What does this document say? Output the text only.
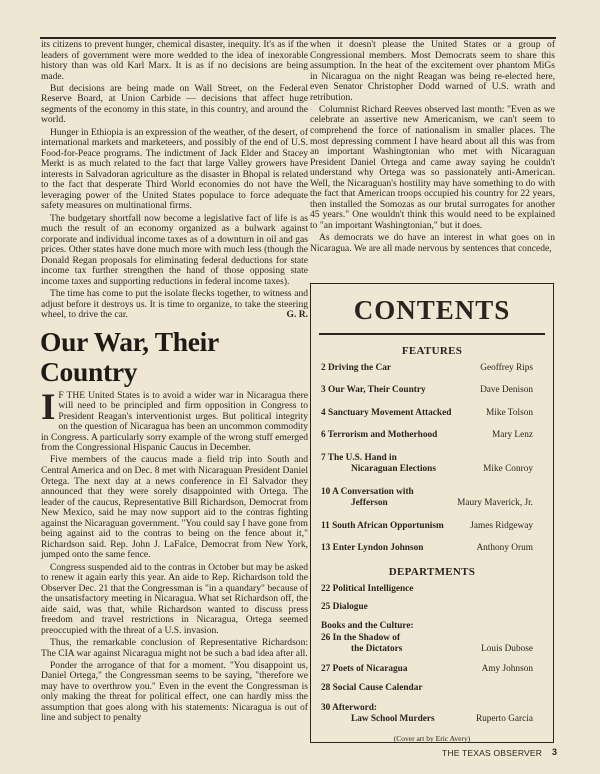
its citizens to prevent hunger, chemical disaster, inequity. It's as if the leaders of government were more wedded to the idea of inexorable history than was old Karl Marx. It is as if no decisions are being made.

But decisions are being made on Wall Street, on the Federal Reserve Board, at Union Carbide — decisions that affect huge segments of the economy in this state, in this country, and around the world.

Hunger in Ethiopia is an expression of the weather, of the desert, of international markets and marketeers, and possibly of the end of U.S. Food-for-Peace programs. The indictment of Jack Elder and Stacey Merkt is as much related to the fact that large Valley growers have interests in Salvadoran agriculture as the disaster in Bhopal is related to the fact that desperate Third World economies do not have the leveraging power of the United States populace to force adequate safety measures on multinational firms.

The budgetary shortfall now become a legislative fact of life is as much the result of an economy organized as a bulwark against corporate and individual income taxes as of a downturn in oil and gas prices. Other states have done much more with much less (though the Donald Regan proposals for eliminating federal deductions for state income tax further strengthen the hand of those opposing state income taxes and supporting reductions in federal income taxes).

The time has come to put the isolate flecks together, to witness and adjust before it destroys us. It is time to organize, to take the steering wheel, to drive the car.	G. R.

Our War, Their Country

I F THE United States is to avoid a wider war in Nicaragua there will need to be principled and firm opposition in Congress to President Reagan's interventionist urges. But political integrity on the question of Nicaragua has been an uncommon commodity in Congress. A particularly sorry example of the wrong stuff emerged from the Congressional Hispanic Caucus in December.

Five members of the caucus made a field trip into South and Central America and on Dec. 8 met with Nicaraguan President Daniel Ortega. The next day at a news conference in El Salvador they announced that they were sorely disappointed with Ortega. The leader of the caucus, Representative Bill Richardson, Democrat from New Mexico, said he may now support aid to the contras fighting against the Nicaraguan government. "You could say I have gone from being against aid to the contras to being on the fence about it," Richardson said. Rep. John J. LaFalce, Democrat from New York, jumped onto the same fence.

Congress suspended aid to the contras in October but may be asked to renew it again early this year. An aide to Rep. Richardson told the Observer Dec. 21 that the Congressman is "in a quandary" because of the unsatisfactory meeting in Nicaragua. What set Richardson off, the aide said, was that, while Richardson wanted to discuss press freedom and travel restrictions in Nicaragua, Ortega seemed preoccupied with the threat of a U.S. invasion.

Thus, the remarkable conclusion of Representative Richardson: The CIA war against Nicaragua might not be such a bad idea after all.

Ponder the arrogance of that for a moment. "You disappoint us, Daniel Ortega," the Congressman seems to be saying, "therefore we may have to overthrow you." Even in the event the Congressman is only making the threat for political effect, one can hardly miss the assumption that goes along with his statements: Nicaragua is out of line and subject to penalty

when it doesn't please the United States or a group of Congressional members. Most Democrats seem to share this assumption. In the heat of the excitement over phantom MiGs in Nicaragua on the night Reagan was being re-elected here, even Senator Christopher Dodd warned of U.S. wrath and retribution.

Columnist Richard Reeves observed last month: "Even as we celebrate an assertive new Americanism, we can't seem to comprehend the force of nationalism in smaller places. The most depressing comment I have heard about all this was from an important Washingtonian who met with Nicaraguan President Daniel Ortega and came away saying he couldn't understand why Ortega was so passionately anti-American. Well, the Nicaraguan's hostility may have something to do with the fact that American troops occupied his country for 22 years, then installed the Somozas as our brutal surrogates for another 45 years." One wouldn't think this would need to be explained to "an important Washingtonian," but it does.

As democrats we do have an interest in what goes on in Nicaragua. We are all made nervous by sentences that concede,

CONTENTS
FEATURES
2 Driving the Car	Geoffrey Rips
3 Our War, Their Country	Dave Denison
4 Sanctuary Movement Attacked	Mike Tolson
6 Terrorism and Motherhood	Mary Lenz
7 The U.S. Hand in
Nicaraguan Elections	Mike Conroy
10 A Conversation with
Jefferson	Maury Maverick, Jr.
11 South African Opportunism	James Ridgeway
13 Enter Lyndon Johnson	Anthony Orum
DEPARTMENTS
22 Political Intelligence
25 Dialogue
Books and the Culture:
26 In the Shadow of
the Dictators	Louis Dubose
27 Poets of Nicaragua	Amy Johnson
28 Social Cause Calendar
30 Afterword:
Law School Murders	Ruperto Garcia
(Cover art by Eric Avery)
THE TEXAS OBSERVER 3
